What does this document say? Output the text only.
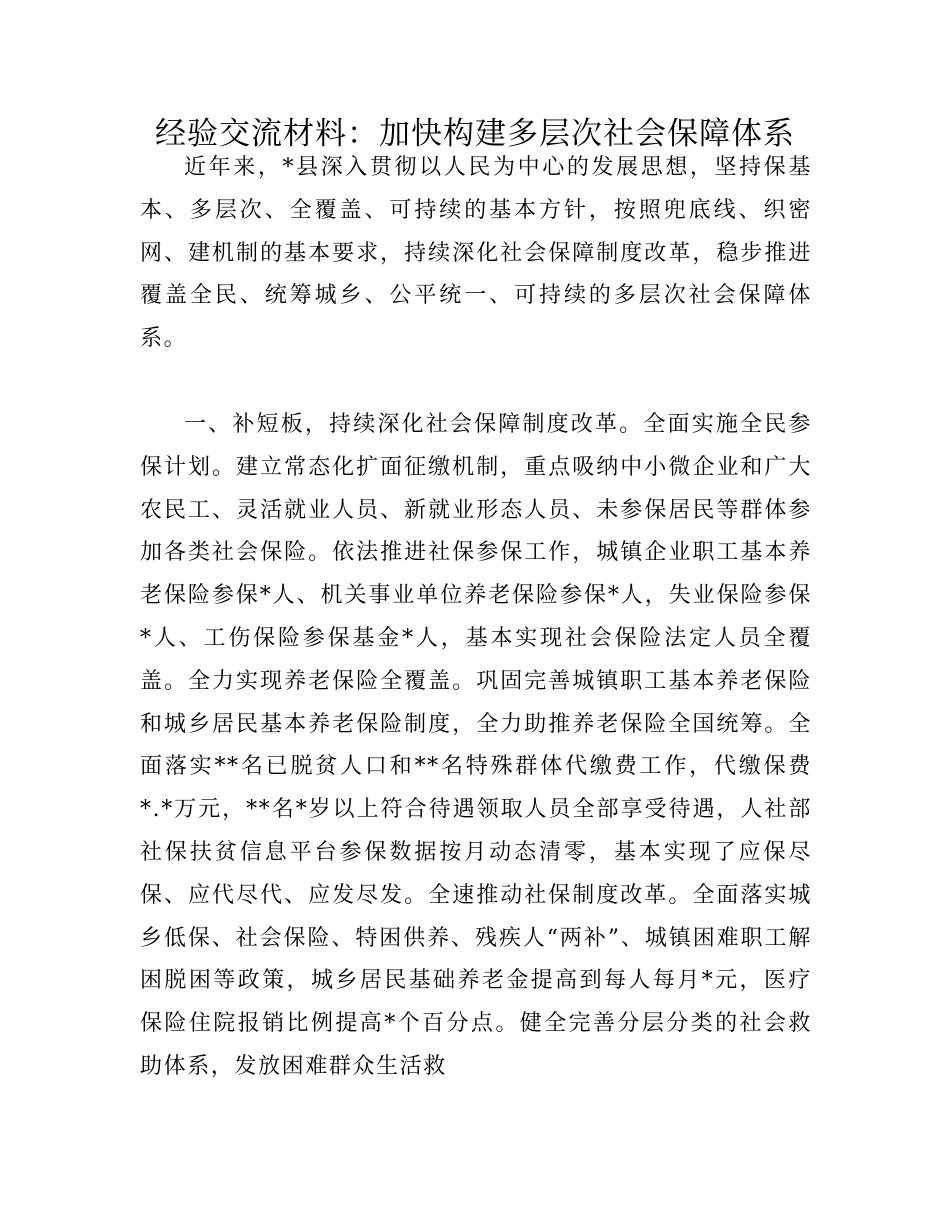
经验交流材料：加快构建多层次社会保障体系

近年来，*县深入贯彻以人民为中心的发展思想，坚持保基本、多层次、全覆盖、可持续的基本方针，按照兜底线、织密网、建机制的基本要求，持续深化社会保障制度改革，稳步推进覆盖全民、统筹城乡、公平统一、可持续的多层次社会保障体系。

一、补短板，持续深化社会保障制度改革。全面实施全民参保计划。建立常态化扩面征缴机制，重点吸纳中小微企业和广大农民工、灵活就业人员、新就业形态人员、未参保居民等群体参加各类社会保险。依法推进社保参保工作，城镇企业职工基本养老保险参保*人、机关事业单位养老保险参保*人，失业保险参保*人、工伤保险参保基金*人，基本实现社会保险法定人员全覆盖。全力实现养老保险全覆盖。巩固完善城镇职工基本养老保险和城乡居民基本养老保险制度，全力助推养老保险全国统筹。全面落实**名已脱贫人口和**名特殊群体代缴费工作，代缴保费*.*万元，**名*岁以上符合待遇领取人员全部享受待遇，人社部社保扶贫信息平台参保数据按月动态清零，基本实现了应保尽保、应代尽代、应发尽发。全速推动社保制度改革。全面落实城乡低保、社会保险、特困供养、残疾人“两补”、城镇困难职工解困脱困等政策，城乡居民基础养老金提高到每人每月*元，医疗保险住院报销比例提高*个百分点。健全完善分层分类的社会救助体系，发放困难群众生活救
